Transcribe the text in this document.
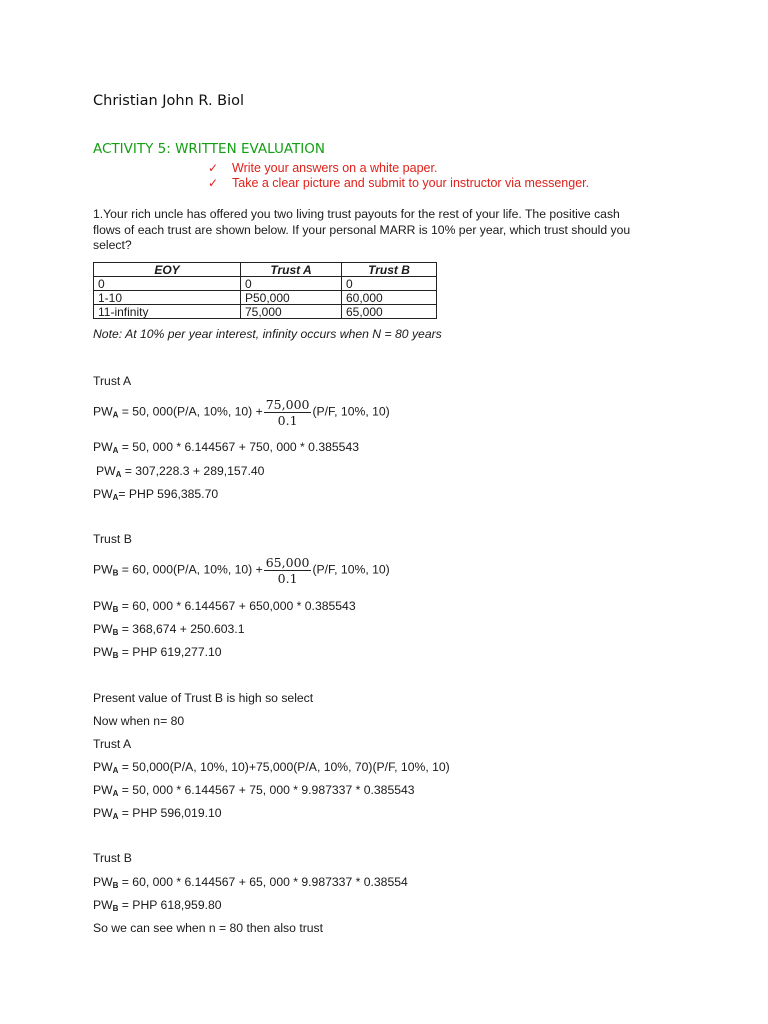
Christian John R. Biol
ACTIVITY 5: WRITTEN EVALUATION
✓ Write your answers on a white paper.
✓ Take a clear picture and submit to your instructor via messenger.
1.Your rich uncle has offered you two living trust payouts for the rest of your life. The positive cash flows of each trust are shown below. If your personal MARR is 10% per year, which trust should you select?
EOY	Trust A	Trust B
0	0	0
1-10	P50,000	60,000
11-infinity	75,000	65,000
Note: At 10% per year interest, infinity occurs when N = 80 years
Trust A
$PW_A = 50$, 000(P/A, 10%, $10) + \frac{75,000}{0.1} (P/F$, 10%, 10)
$PW_A = 50$, 000 * 6.144567 + 750, 000 * 0.385543
$PW_A = 307,228.3 + 289,157.40$
$PW_A=$ PHP 596,385.70
Trust B
$PW_B = 60$, 000(P/A, 10%, $10) + \frac{65,000}{0.1} (P/F$, 10%, 10)
$PW_B = 60$, 000 * 6.144567 + 650,000 * 0.385543
$PW_B = 368,674 + 250.603.1$
$PW_B$ = PHP 619,277.10
Present value of Trust B is high so select
Now when n= 80
Trust A
$PW_A = 50,000(P/A$, 10%, 10)+75,000(P/A, 10%, 70)(P/F, 10%, 10)
$PW_A = 50$, 000 * 6.144567 + 75, 000 * 9.987337 * 0.385543
$PW_A$ = PHP 596,019.10
Trust B
$PW_B = 60$, 000 * 6.144567 + 65, 000 * 9.987337 * 0.38554
$PW_B$ = PHP 618,959.80
So we can see when n = 80 then also trust
